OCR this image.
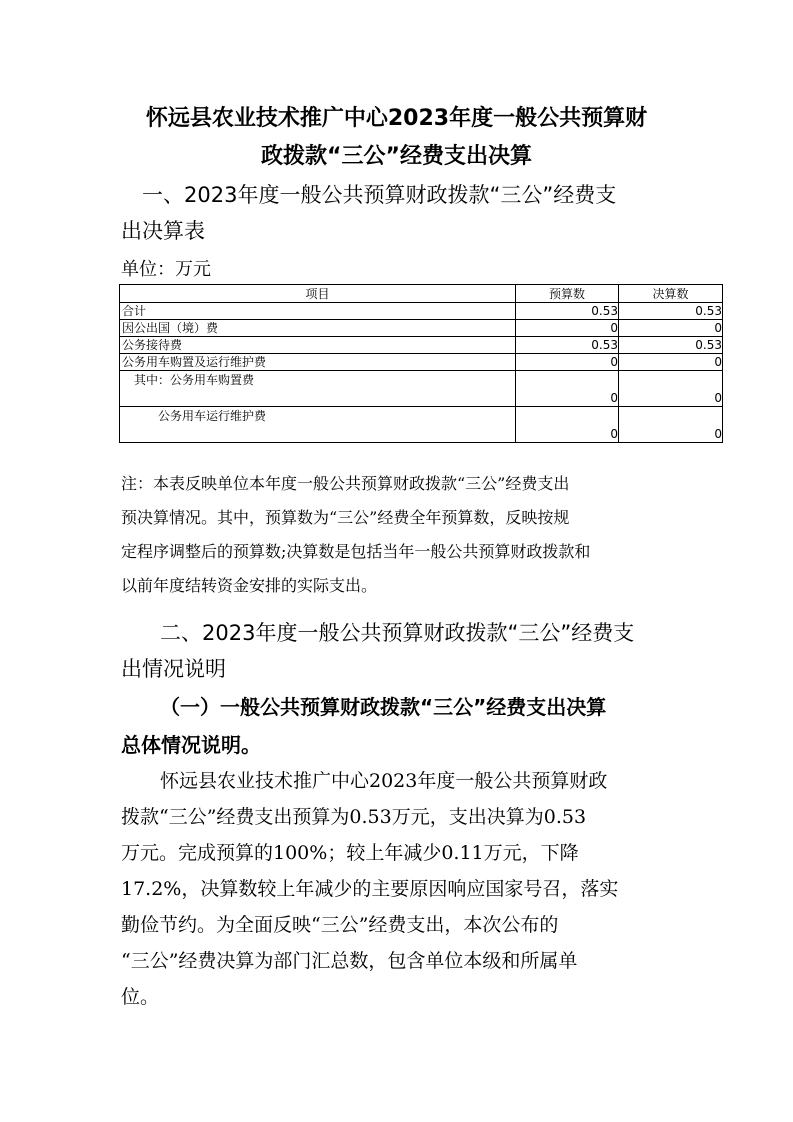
怀远县农业技术推广中心2023年度一般公共预算财
政拨款“三公”经费支出决算
一、2023年度一般公共预算财政拨款“三公”经费支
出决算表
单位：万元
项目	预算数	决算数
合计	0.53	0.53
因公出国（境）费	0	0
公务接待费	0.53	0.53
公务用车购置及运行维护费	0	0
其中：公务用车购置费	0	0
公务用车运行维护费	0	0
注：本表反映单位本年度一般公共预算财政拨款“三公”经费支出
预决算情况。其中，预算数为“三公”经费全年预算数，反映按规
定程序调整后的预算数;决算数是包括当年一般公共预算财政拨款和
以前年度结转资金安排的实际支出。
二、2023年度一般公共预算财政拨款“三公”经费支
出情况说明
（一）一般公共预算财政拨款“三公”经费支出决算
总体情况说明。
怀远县农业技术推广中心2023年度一般公共预算财政
拨款“三公”经费支出预算为0.53万元，支出决算为0.53
万元。完成预算的100%；较上年减少0.11万元，下降
17.2%，决算数较上年减少的主要原因响应国家号召，落实
勤俭节约。为全面反映“三公”经费支出，本次公布的
“三公”经费决算为部门汇总数，包含单位本级和所属单
位。
